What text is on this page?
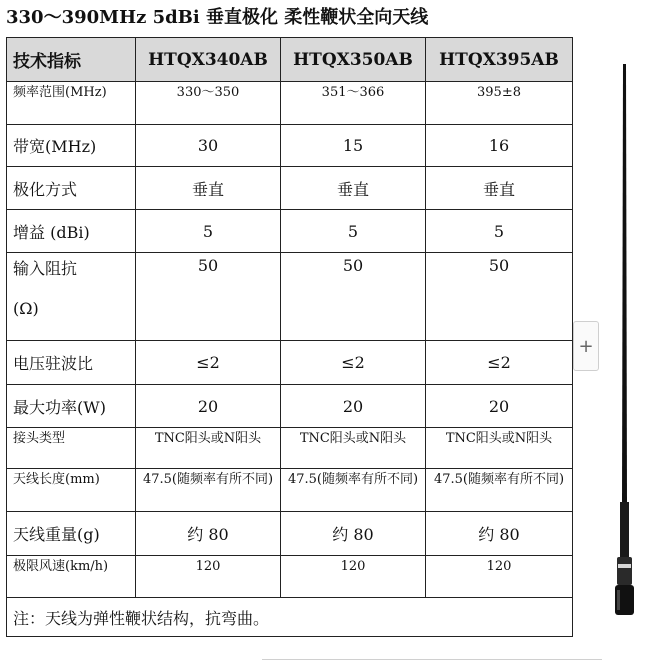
330～390MHz 5dBi 垂直极化 柔性鞭状全向天线
技术指标	HTQX340AB	HTQX350AB	HTQX395AB
频率范围(MHz)	330～350	351～366	395±8
带宽(MHz)	30	15	16
极化方式	垂直	垂直	垂直
增益 (dBi)	5	5	5
输入阻抗
(Ω)	50	50	50
电压驻波比	≤2	≤2	≤2
最大功率(W)	20	20	20
接头类型	TNC阳头或N阳头	TNC阳头或N阳头	TNC阳头或N阳头
天线长度(mm)	47.5(随频率有所不同)	47.5(随频率有所不同)	47.5(随频率有所不同)
天线重量(g)	约 80	约 80	约 80
极限风速(km/h)	120	120	120
注：天线为弹性鞭状结构，抗弯曲。			
+
